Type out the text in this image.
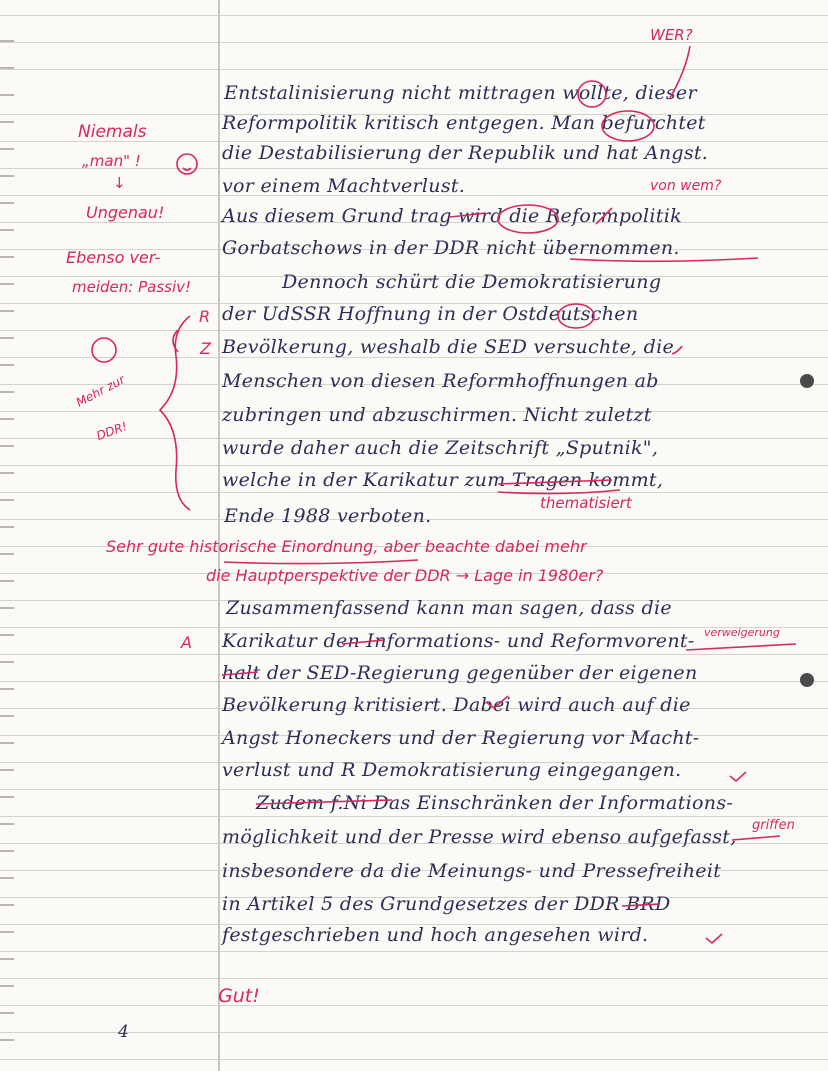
WER?
Entstalinisierung nicht mittragen wollte, dieser
Reformpolitik kritisch entgegen. Man befurchtet
die Destabilisierung der Republik und hat Angst.
vor einem Machtverlust.	von wem?
Aus diesem Grund trag wird die Reformpolitik
Gorbatschows in der DDR nicht übernommen.
Dennoch schürt die Demokratisierung
der UdSSR Hoffnung in der Ostdeutschen
Bevölkerung, weshalb die SED versuchte, die
Menschen von diesen Reformhoffnungen ab
zubringen und abzuschirmen. Nicht zuletzt
wurde daher auch die Zeitschrift „Sputnik",
welche in der Karikatur zum Tragen kommt,
thematisiert
Ende 1988 verboten.
Sehr gute historische Einordnung, aber beachte dabei mehr
die Hauptperspektive der DDR → Lage in 1980er?
Zusammenfassend kann man sagen, dass die
verweigerung
Karikatur den Informations- und Reformvorent-
halt der SED-Regierung gegenüber der eigenen
Bevölkerung kritisiert. Dabei wird auch auf die
Angst Honeckers und der Regierung vor Macht-
verlust und R Demokratisierung eingegangen.
Zudem f.Ni Das Einschränken der Informations-
griffen
möglichkeit und der Presse wird ebenso aufgefasst,
insbesondere da die Meinungs- und Pressefreiheit
in Artikel 5 des Grundgesetzes der DDR BRD
festgeschrieben und hoch angesehen wird.
Niemals
„man" !
↓
Ungenau!
Ebenso ver-
meiden: Passiv!
R
Z
Mehr zur
DDR!
A
Gut!
4
